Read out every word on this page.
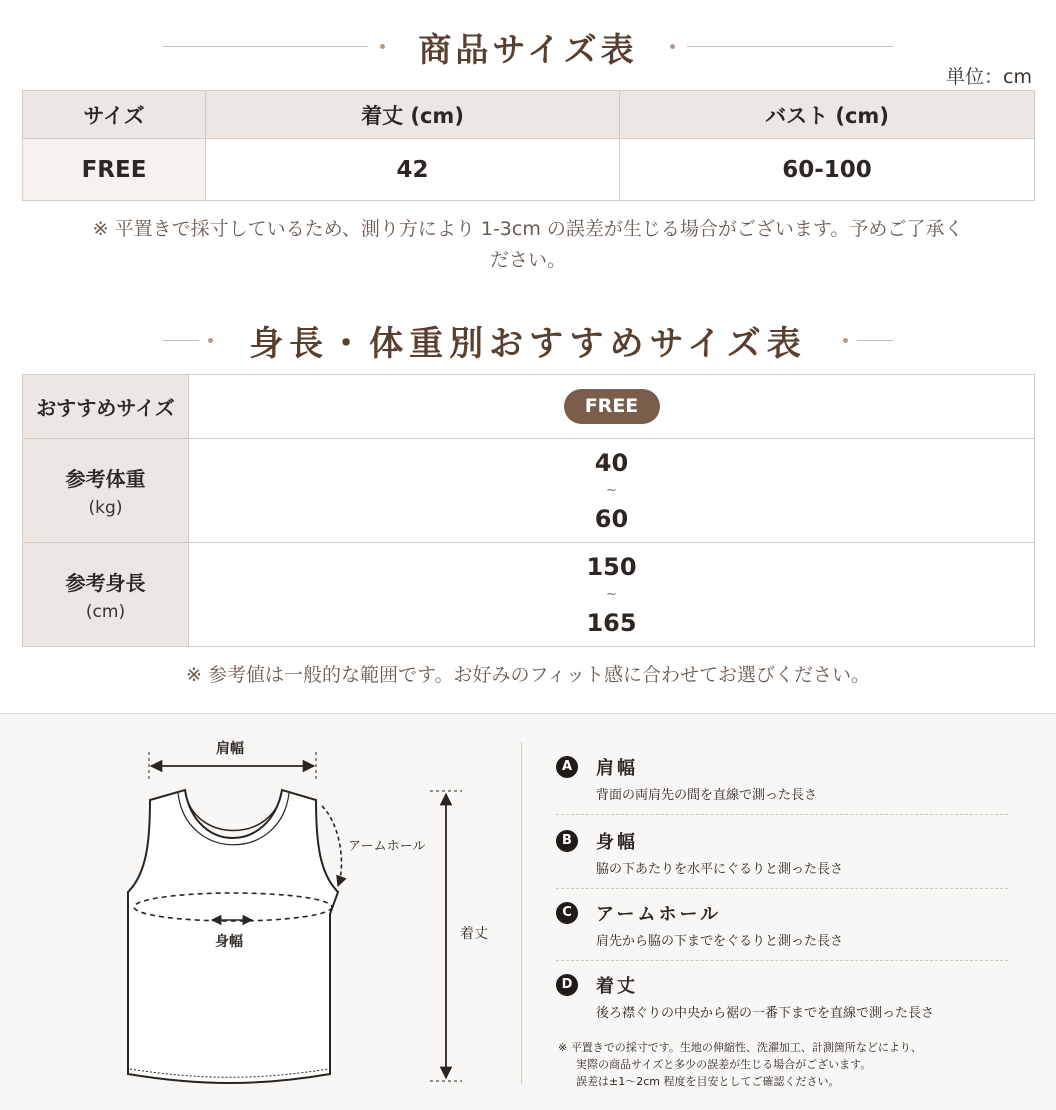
商品サイズ表
単位：cm
サイズ	着丈 (cm)	バスト (cm)
FREE	42	60-100
※ 平置きで採寸しているため、測り方により 1-3cm の誤差が生じる場合がございます。予めご了承く
ださい。
身長・体重別おすすめサイズ表
おすすめサイズ	FREE
参考体重
(kg)	40
~
60

参考身長
(cm)	150
~
165
※ 参考値は一般的な範囲です。お好みのフィット感に合わせてお選びください。
肩幅
アームホール
身幅	着丈
A	肩幅
背面の両肩先の間を直線で測った長さ
B	身幅
脇の下あたりを水平にぐるりと測った長さ
C	アームホール
肩先から脇の下までをぐるりと測った長さ
D	着丈
後ろ襟ぐりの中央から裾の一番下までを直線で測った長さ
※ 平置きでの採寸です。生地の伸縮性、洗濯加工、計測箇所などにより、
実際の商品サイズと多少の誤差が生じる場合がございます。
誤差は±1〜2cm 程度を目安としてご確認ください。
